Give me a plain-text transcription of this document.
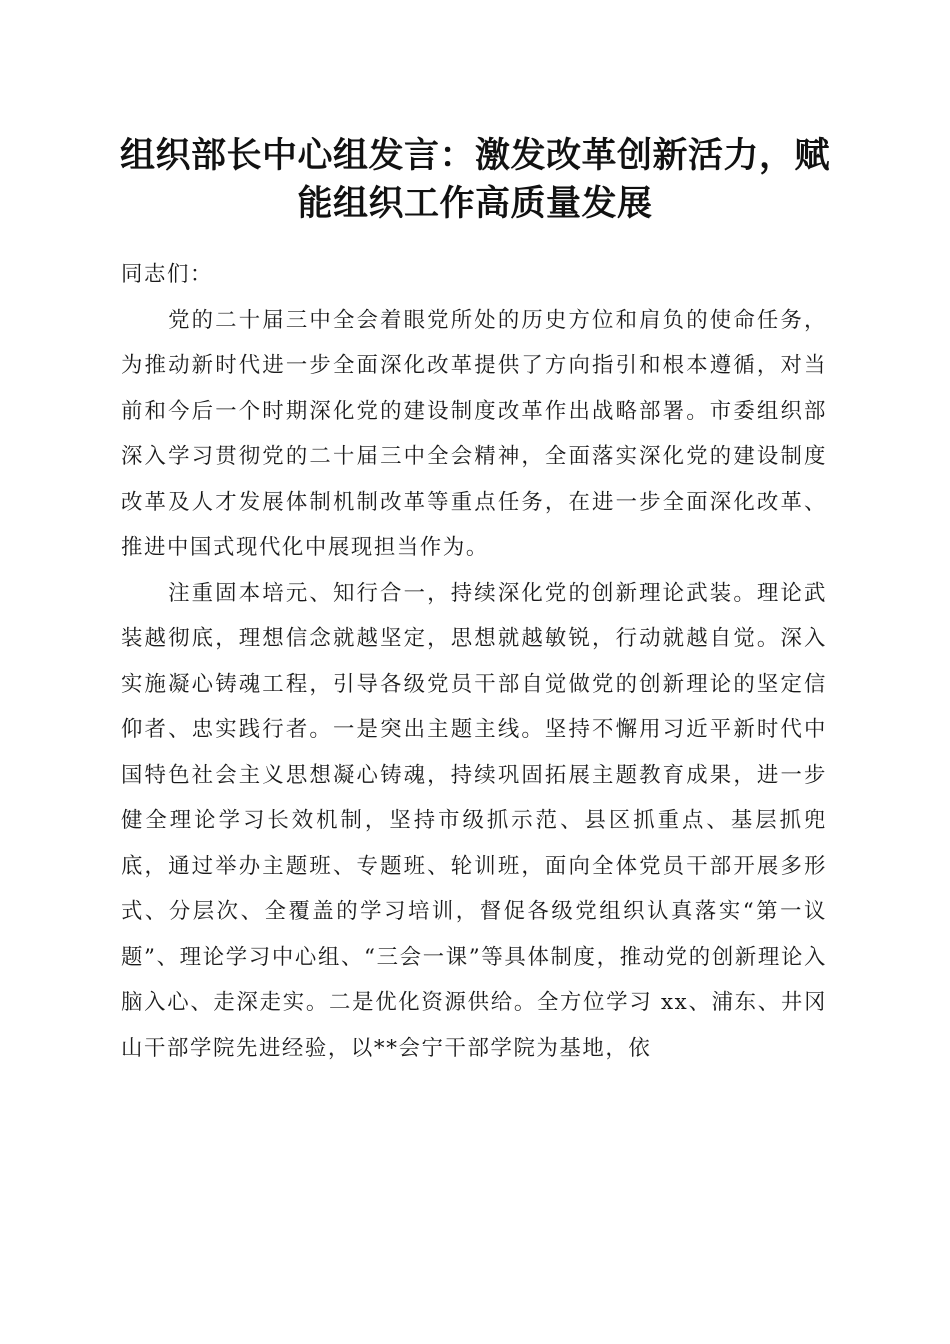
组织部长中心组发言：激发改革创新活力，赋
能组织工作高质量发展

同志们：

党的二十届三中全会着眼党所处的历史方位和肩负的使命任务，为推动新时代进一步全面深化改革提供了方向指引和根本遵循，对当前和今后一个时期深化党的建设制度改革作出战略部署。市委组织部深入学习贯彻党的二十届三中全会精神，全面落实深化党的建设制度改革及人才发展体制机制改革等重点任务，在进一步全面深化改革、推进中国式现代化中展现担当作为。

注重固本培元、知行合一，持续深化党的创新理论武装。理论武装越彻底，理想信念就越坚定，思想就越敏锐，行动就越自觉。深入实施凝心铸魂工程，引导各级党员干部自觉做党的创新理论的坚定信仰者、忠实践行者。一是突出主题主线。坚持不懈用习近平新时代中国特色社会主义思想凝心铸魂，持续巩固拓展主题教育成果，进一步健全理论学习长效机制，坚持市级抓示范、县区抓重点、基层抓兜底，通过举办主题班、专题班、轮训班，面向全体党员干部开展多形式、分层次、全覆盖的学习培训，督促各级党组织认真落实“第一议题”、理论学习中心组、“三会一课”等具体制度，推动党的创新理论入脑入心、走深走实。二是优化资源供给。全方位学习 xx、浦东、井冈山干部学院先进经验，以**会宁干部学院为基地，依
